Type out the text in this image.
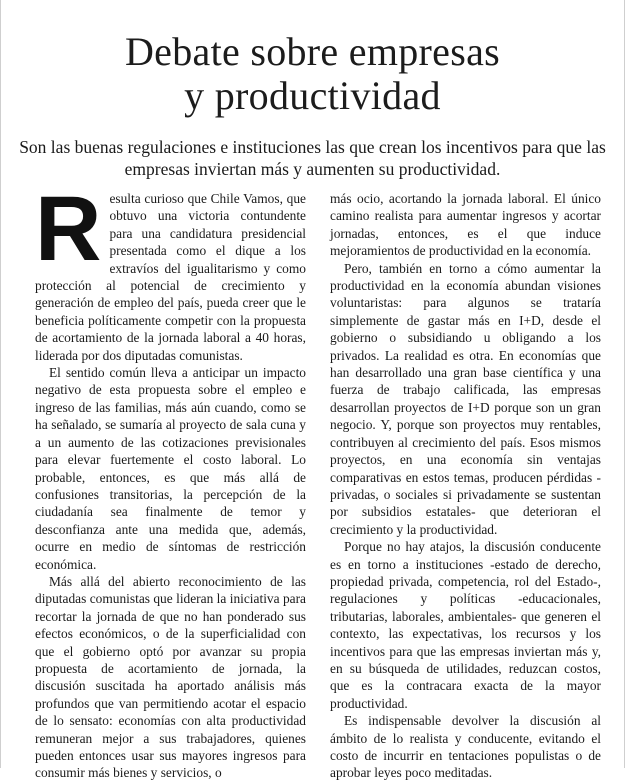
Debate sobre empresas
y productividad
Son las buenas regulaciones e instituciones las que crean los incentivos para que las empresas inviertan más y aumenten su productividad.
R esulta curioso que Chile Vamos, que obtuvo una victoria contundente para una candidatura presidencial presentada como el dique a los extravíos del igualitarismo y como protección al potencial de crecimiento y generación de empleo del país, pueda creer que le beneficia políticamente competir con la propuesta de acortamiento de la jornada laboral a 40 horas, liderada por dos diputadas comunistas.

El sentido común lleva a anticipar un impacto negativo de esta propuesta sobre el empleo e ingreso de las familias, más aún cuando, como se ha señalado, se sumaría al proyecto de sala cuna y a un aumento de las cotizaciones previsionales para elevar fuertemente el costo laboral. Lo probable, entonces, es que más allá de confusiones transitorias, la percepción de la ciudadanía sea finalmente de temor y desconfianza ante una medida que, además, ocurre en medio de síntomas de restricción económica.

Más allá del abierto reconocimiento de las diputadas comunistas que lideran la iniciativa para recortar la jornada de que no han ponderado sus efectos económicos, o de la superficialidad con que el gobierno optó por avanzar su propia propuesta de acortamiento de jornada, la discusión suscitada ha aportado análisis más profundos que van permitiendo acotar el espacio de lo sensato: economías con alta productividad remuneran mejor a sus trabajadores, quienes pueden entonces usar sus mayores ingresos para consumir más bienes y servicios, o

más ocio, acortando la jornada laboral. El único camino realista para aumentar ingresos y acortar jornadas, entonces, es el que induce mejoramientos de productividad en la economía.

Pero, también en torno a cómo aumentar la productividad en la economía abundan visiones voluntaristas: para algunos se trataría simplemente de gastar más en I+D, desde el gobierno o subsidiando u obligando a los privados. La realidad es otra. En economías que han desarrollado una gran base científica y una fuerza de trabajo calificada, las empresas desarrollan proyectos de I+D porque son un gran negocio. Y, porque son proyectos muy rentables, contribuyen al crecimiento del país. Esos mismos proyectos, en una economía sin ventajas comparativas en estos temas, producen pérdidas -privadas, o sociales si privadamente se sustentan por subsidios estatales- que deterioran el crecimiento y la productividad.

Porque no hay atajos, la discusión conducente es en torno a instituciones -estado de derecho, propiedad privada, competencia, rol del Estado-, regulaciones y políticas -educacionales, tributarias, laborales, ambientales- que generen el contexto, las expectativas, los recursos y los incentivos para que las empresas inviertan más y, en su búsqueda de utilidades, reduzcan costos, que es la contracara exacta de la mayor productividad.

Es indispensable devolver la discusión al ámbito de lo realista y conducente, evitando el costo de incurrir en tentaciones populistas o de aprobar leyes poco meditadas.
